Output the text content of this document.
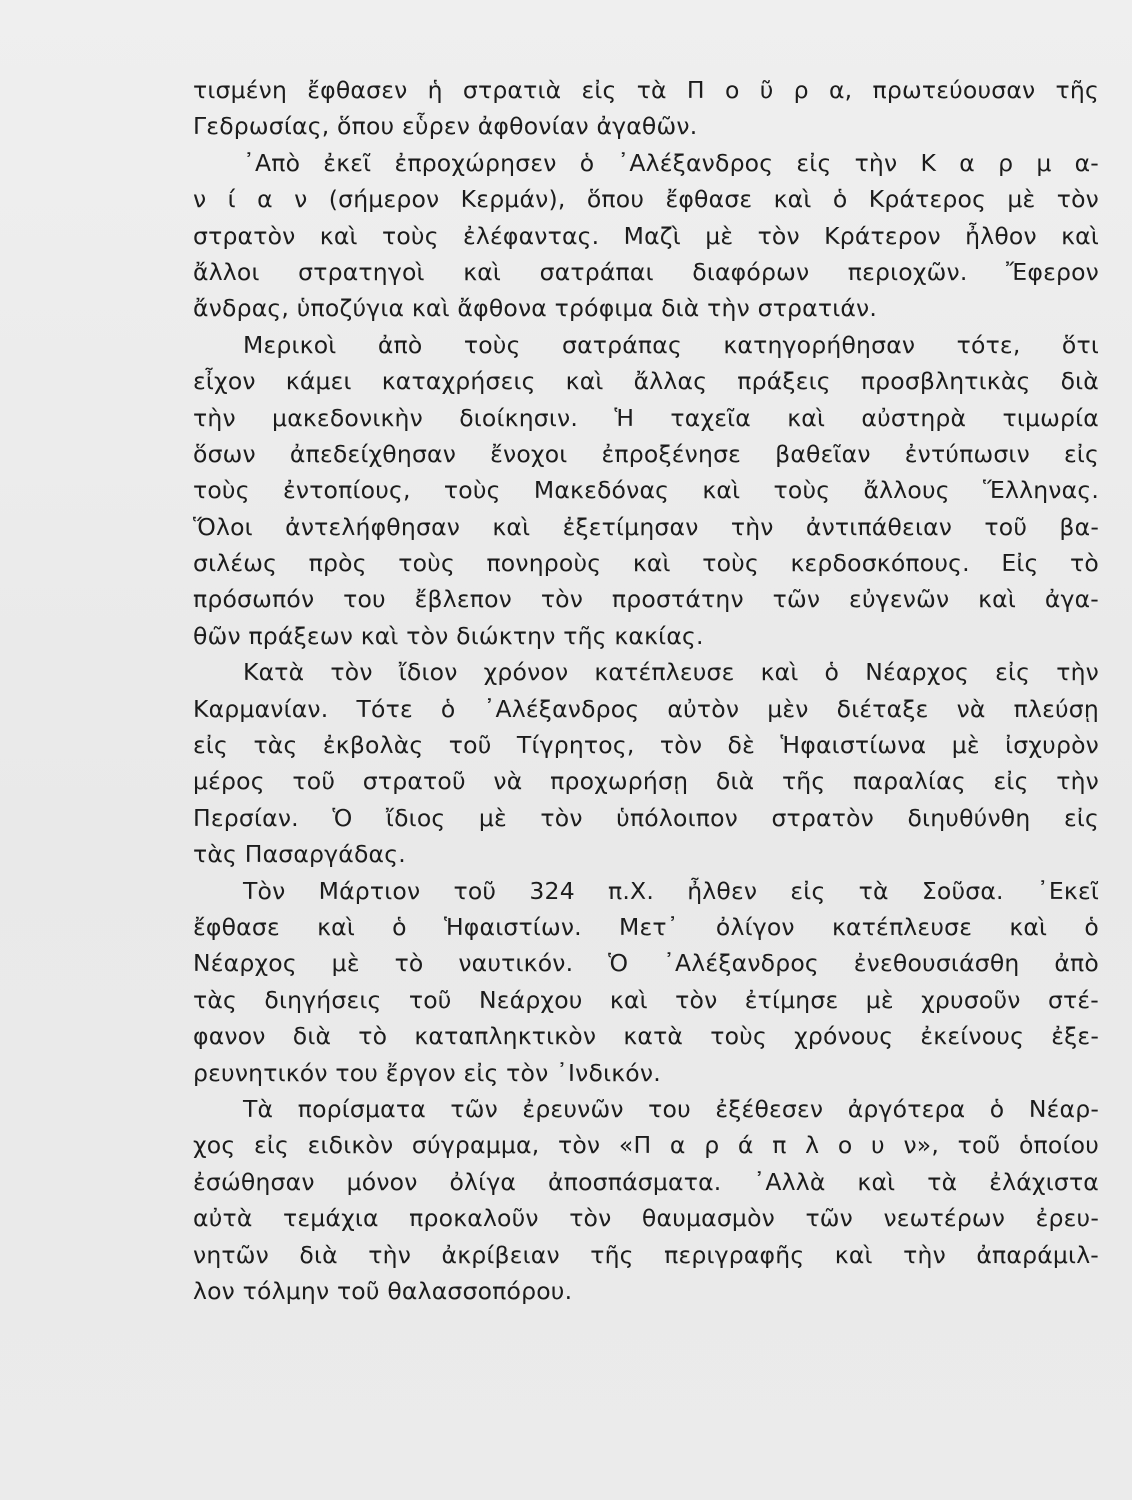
τισμένη ἔφθασεν ἡ στρατιὰ εἰς τὰ Π ο ῦ ρ α, πρωτεύουσαν τῆς
Γεδρωσίας, ὅπου εὗρεν ἀφθονίαν ἀγαθῶν.
᾿Απὸ ἐκεῖ ἐπροχώρησεν ὁ ᾿Αλέξανδρος εἰς τὴν Κ α ρ μ α-
ν ί α ν (σήμερον Κερμάν), ὅπου ἔφθασε καὶ ὁ Κράτερος μὲ τὸν
στρατὸν καὶ τοὺς ἐλέφαντας. Μαζὶ μὲ τὸν Κράτερον ἦλθον καὶ
ἄλλοι στρατηγοὶ καὶ σατράπαι διαφόρων περιοχῶν. Ἔφερον
ἄνδρας, ὑποζύγια καὶ ἄφθονα τρόφιμα διὰ τὴν στρατιάν.
Μερικοὶ ἀπὸ τοὺς σατράπας κατηγορήθησαν τότε, ὅτι
εἶχον κάμει καταχρήσεις καὶ ἄλλας πράξεις προσβλητικὰς διὰ
τὴν μακεδονικὴν διοίκησιν. Ἡ ταχεῖα καὶ αὐστηρὰ τιμωρία
ὅσων ἀπεδείχθησαν ἔνοχοι ἐπροξένησε βαθεῖαν ἐντύπωσιν εἰς
τοὺς ἐντοπίους, τοὺς Μακεδόνας καὶ τοὺς ἄλλους Ἕλληνας.
Ὅλοι ἀντελήφθησαν καὶ ἐξετίμησαν τὴν ἀντιπάθειαν τοῦ βα-
σιλέως πρὸς τοὺς πονηροὺς καὶ τοὺς κερδοσκόπους. Εἰς τὸ
πρόσωπόν του ἔβλεπον τὸν προστάτην τῶν εὐγενῶν καὶ ἀγα-
θῶν πράξεων καὶ τὸν διώκτην τῆς κακίας.
Κατὰ τὸν ἴδιον χρόνον κατέπλευσε καὶ ὁ Νέαρχος εἰς τὴν
Καρμανίαν. Τότε ὁ ᾿Αλέξανδρος αὐτὸν μὲν διέταξε νὰ πλεύσῃ
εἰς τὰς ἐκβολὰς τοῦ Τίγρητος, τὸν δὲ Ἡφαιστίωνα μὲ ἰσχυρὸν
μέρος τοῦ στρατοῦ νὰ προχωρήσῃ διὰ τῆς παραλίας εἰς τὴν
Περσίαν. Ὁ ἴδιος μὲ τὸν ὑπόλοιπον στρατὸν διηυθύνθη εἰς
τὰς Πασαργάδας.
Τὸν Μάρτιον τοῦ 324 π.Χ. ἦλθεν εἰς τὰ Σοῦσα. ᾿Εκεῖ
ἔφθασε καὶ ὁ Ἡφαιστίων. Μετ᾿ ὀλίγον κατέπλευσε καὶ ὁ
Νέαρχος μὲ τὸ ναυτικόν. Ὁ ᾿Αλέξανδρος ἐνεθουσιάσθη ἀπὸ
τὰς διηγήσεις τοῦ Νεάρχου καὶ τὸν ἐτίμησε μὲ χρυσοῦν στέ-
φανον διὰ τὸ καταπληκτικὸν κατὰ τοὺς χρόνους ἐκείνους ἐξε-
ρευνητικόν του ἔργον εἰς τὸν ᾿Ινδικόν.
Τὰ πορίσματα τῶν ἐρευνῶν του ἐξέθεσεν ἀργότερα ὁ Νέαρ-
χος εἰς ειδικὸν σύγραμμα, τὸν «Π α ρ ά π λ ο υ ν», τοῦ ὁποίου
ἐσώθησαν μόνον ὀλίγα ἀποσπάσματα. ᾿Αλλὰ καὶ τὰ ἐλάχιστα
αὐτὰ τεμάχια προκαλοῦν τὸν θαυμασμὸν τῶν νεωτέρων ἐρευ-
νητῶν διὰ τὴν ἀκρίβειαν τῆς περιγραφῆς καὶ τὴν ἀπαράμιλ-
λον τόλμην τοῦ θαλασσοπόρου.
